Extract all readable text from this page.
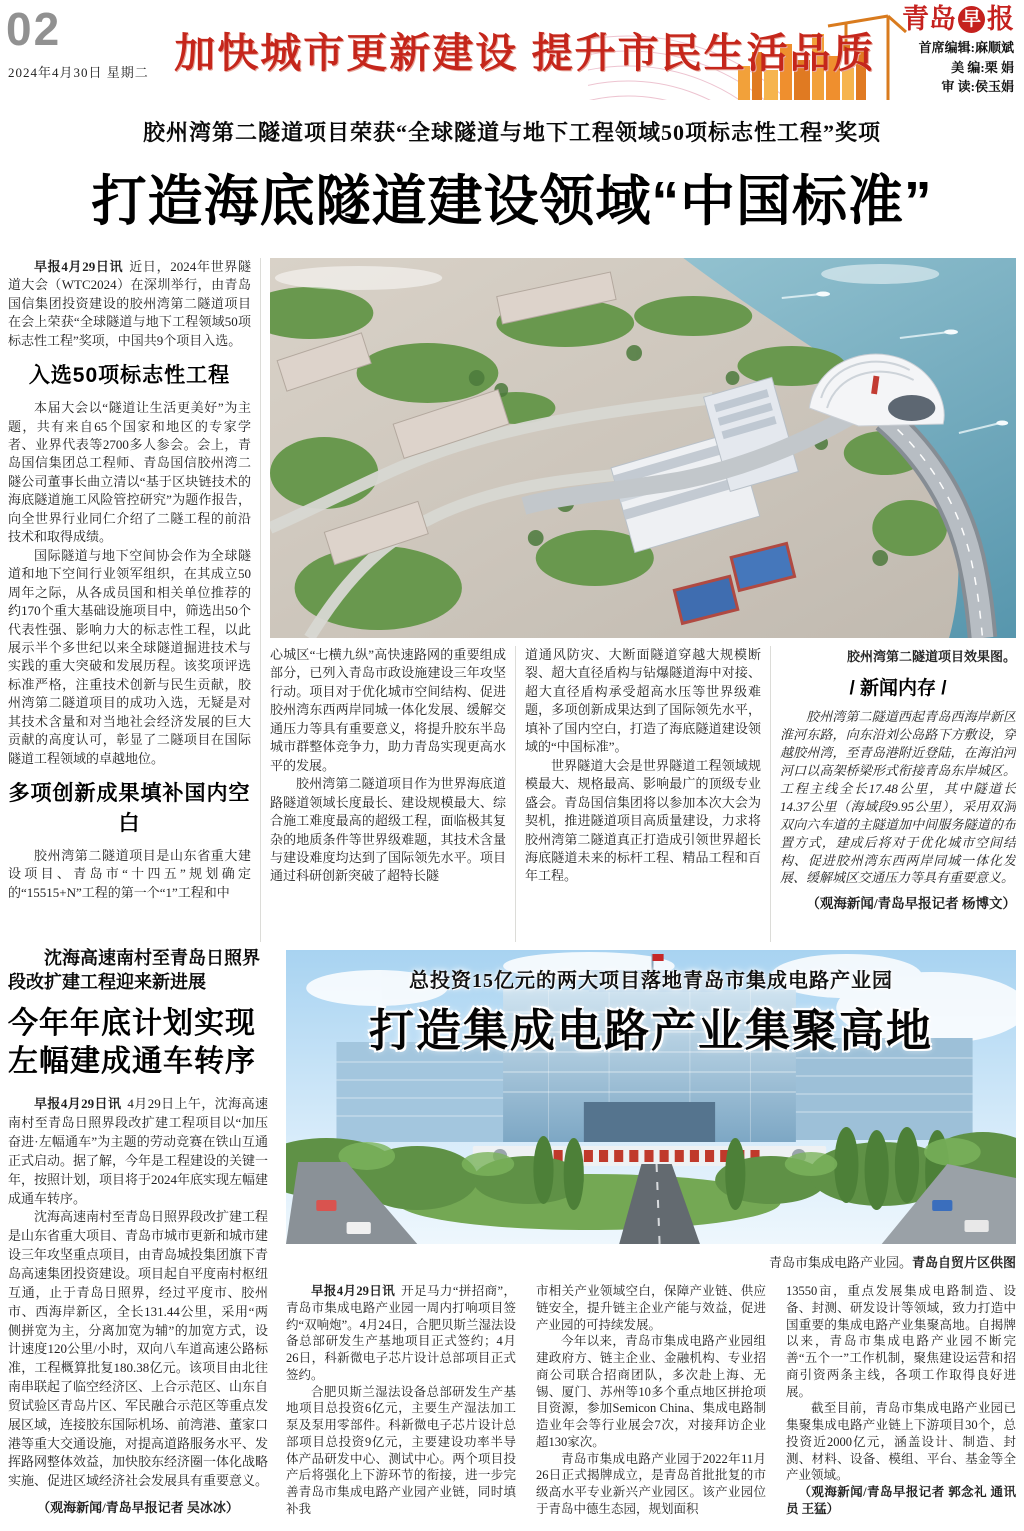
02
2024年4月30日 星期二 加快城市更新建设 提升市民生活品质
青岛 早 报
首席编辑:麻顺斌
美 编:栗 娟
审 读:侯玉娟
胶州湾第二隧道项目荣获“全球隧道与地下工程领域50项标志性工程”奖项
打造海底隧道建设领域“中国标准”

早报4月29日讯 近日，2024年世界隧道大会（WTC2024）在深圳举行，由青岛国信集团投资建设的胶州湾第二隧道项目在会上荣获“全球隧道与地下工程领域50项标志性工程”奖项，中国共9个项目入选。

入选50项标志性工程

本届大会以“隧道让生活更美好”为主题，共有来自65个国家和地区的专家学者、业界代表等2700多人参会。会上，青岛国信集团总工程师、青岛国信胶州湾二隧公司董事长曲立清以“基于区块链技术的海底隧道施工风险管控研究”为题作报告，向全世界行业同仁介绍了二隧工程的前沿技术和取得成绩。

国际隧道与地下空间协会作为全球隧道和地下空间行业领军组织，在其成立50周年之际，从各成员国和相关单位推荐的约170个重大基础设施项目中，筛选出50个代表性强、影响力大的标志性工程，以此展示半个多世纪以来全球隧道掘进技术与实践的重大突破和发展历程。该奖项评选标准严格，注重技术创新与民生贡献，胶州湾第二隧道项目的成功入选，无疑是对其技术含量和对当地社会经济发展的巨大贡献的高度认可，彰显了二隧项目在国际隧道工程领域的卓越地位。

多项创新成果填补国内空白

胶州湾第二隧道项目是山东省重大建设项目、青岛市“十四五”规划确定的“15515+N”工程的第一个“1”工程和中

心城区“七横九纵”高快速路网的重要组成部分，已列入青岛市政设施建设三年攻坚行动。项目对于优化城市空间结构、促进胶州湾东西两岸同城一体化发展、缓解交通压力等具有重要意义，将提升胶东半岛城市群整体竞争力，助力青岛实现更高水平的发展。

胶州湾第二隧道项目作为世界海底道路隧道领域长度最长、建设规模最大、综合施工难度最高的超级工程，面临极其复杂的地质条件等世界级难题，其技术含量与建设难度均达到了国际领先水平。项目通过科研创新突破了超特长隧

道通风防灾、大断面隧道穿越大规模断裂、超大直径盾构与钻爆隧道海中对接、超大直径盾构承受超高水压等世界级难题，多项创新成果达到了国际领先水平，填补了国内空白，打造了海底隧道建设领域的“中国标准”。

世界隧道大会是世界隧道工程领域规模最大、规格最高、影响最广的顶级专业盛会。青岛国信集团将以参加本次大会为契机，推进隧道项目高质量建设，力求将胶州湾第二隧道真正打造成引领世界超长海底隧道未来的标杆工程、精品工程和百年工程。

胶州湾第二隧道项目效果图。
/ 新闻内存 /

胶州湾第二隧道西起青岛西海岸新区淮河东路，向东沿刘公岛路下方敷设，穿越胶州湾，至青岛港附近登陆，在海泊河河口以高架桥梁形式衔接青岛东岸城区。工程主线全长17.48公里，其中隧道长14.37公里（海域段9.95公里），采用双洞双向六车道的主隧道加中间服务隧道的布置方式，建成后将对于优化城市空间结构、促进胶州湾东西两岸同城一体化发展、缓解城区交通压力等具有重要意义。

（观海新闻/青岛早报记者 杨博文）
沈海高速南村至青岛日照界段改扩建工程迎来新进展
今年年底计划实现左幅建成通车转序

早报4月29日讯 4月29日上午，沈海高速南村至青岛日照界段改扩建工程项目以“加压奋进·左幅通车”为主题的劳动竞赛在铁山互通正式启动。据了解，今年是工程建设的关键一年，按照计划，项目将于2024年底实现左幅建成通车转序。

沈海高速南村至青岛日照界段改扩建工程是山东省重大项目、青岛市城市更新和城市建设三年攻坚重点项目，由青岛城投集团旗下青岛高速集团投资建设。项目起自平度南村枢纽互通，止于青岛日照界，经过平度市、胶州市、西海岸新区，全长131.44公里，采用“两侧拼宽为主，分离加宽为辅”的加宽方式，设计速度120公里/小时，双向八车道高速公路标准，工程概算批复180.38亿元。该项目由北往南串联起了临空经济区、上合示范区、山东自贸试验区青岛片区、军民融合示范区等重点发展区域，连接胶东国际机场、前湾港、董家口港等重大交通设施，对提高道路服务水平、发挥路网整体效益，加快胶东经济圈一体化战略实施、促进区域经济社会发展具有重要意义。

（观海新闻/青岛早报记者 吴冰冰）
总投资15亿元的两大项目落地青岛市集成电路产业园
打造集成电路产业集聚高地
青岛市集成电路产业园。青岛自贸片区供图

早报4月29日讯 开足马力“拼招商”，青岛市集成电路产业园一周内打响项目签约“双响炮”。4月24日，合肥贝斯兰湿法设备总部研发生产基地项目正式签约；4月26日，科新微电子芯片设计总部项目正式签约。

合肥贝斯兰湿法设备总部研发生产基地项目总投资6亿元，主要生产湿法加工泵及泵用零部件。科新微电子芯片设计总部项目总投资9亿元，主要建设功率半导体产品研发中心、测试中心。两个项目投产后将强化上下游环节的衔接，进一步完善青岛市集成电路产业园产业链，同时填补我

市相关产业领域空白，保障产业链、供应链安全，提升链主企业产能与效益，促进产业园的可持续发展。

今年以来，青岛市集成电路产业园组建政府方、链主企业、金融机构、专业招商公司联合招商团队，多次赴上海、无锡、厦门、苏州等10多个重点地区拼抢项目资源，参加Semicon China、集成电路制造业年会等行业展会7次，对接拜访企业超130家次。

青岛市集成电路产业园于2022年11月26日正式揭牌成立，是青岛首批批复的市级高水平专业新兴产业园区。该产业园位于青岛中德生态园，规划面积

13550亩，重点发展集成电路制造、设备、封测、研发设计等领域，致力打造中国重要的集成电路产业集聚高地。自揭牌以来，青岛市集成电路产业园不断完善“五个一”工作机制，聚焦建设运营和招商引资两条主线，各项工作取得良好进展。

截至目前，青岛市集成电路产业园已集聚集成电路产业链上下游项目30个，总投资近2000亿元，涵盖设计、制造、封测、材料、设备、模组、平台、基金等全产业领域。

（观海新闻/青岛早报记者 郭念礼 通讯员 王猛）
